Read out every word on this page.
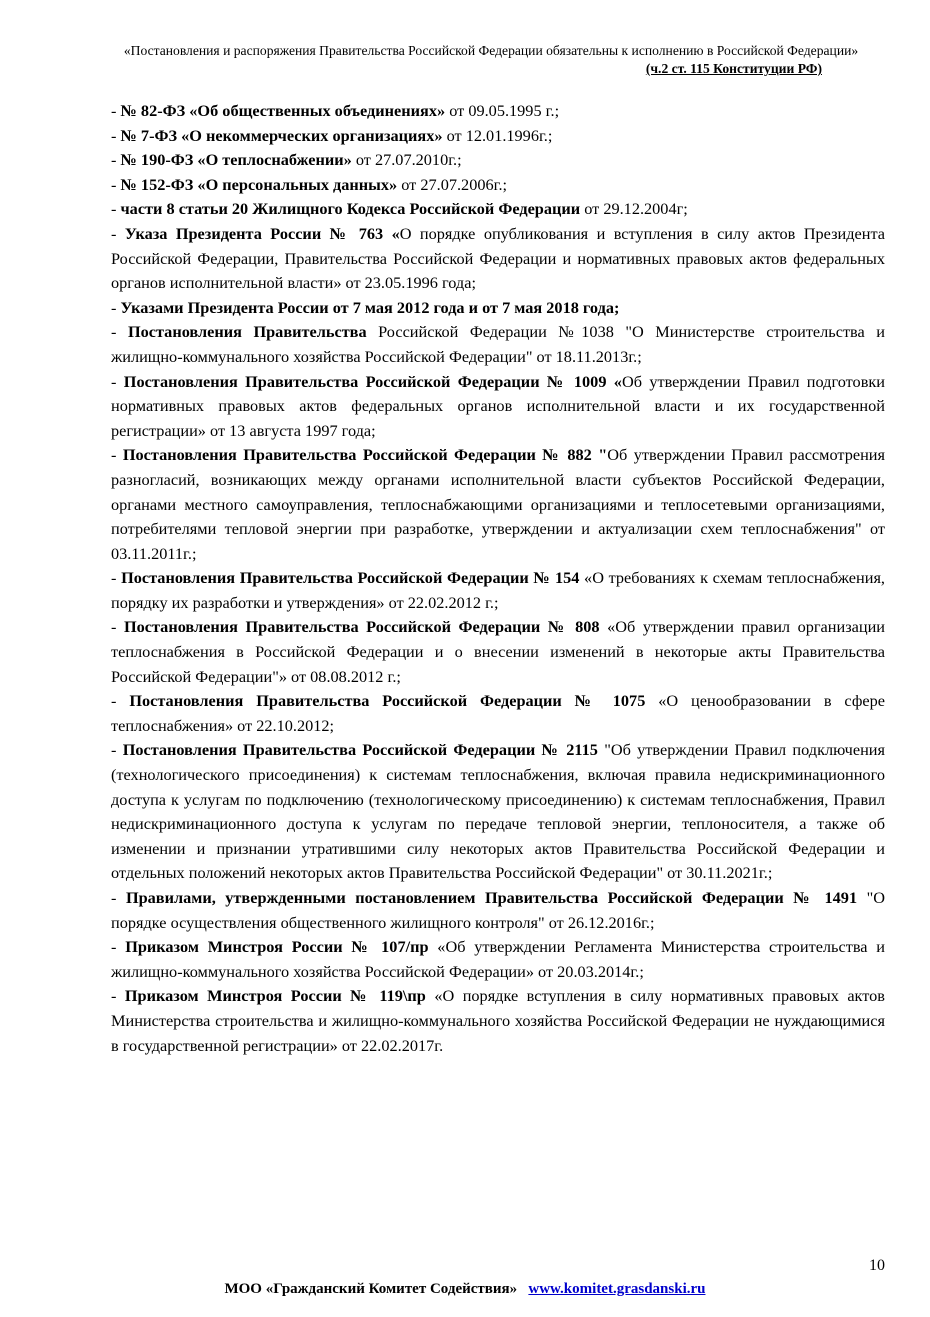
«Постановления и распоряжения Правительства Российской Федерации обязательны к исполнению в Российской Федерации»
(ч.2 ст. 115 Конституции РФ)

- № 82-ФЗ «Об общественных объединениях» от 09.05.1995 г.;

- № 7-ФЗ «О некоммерческих организациях» от 12.01.1996г.;

- № 190-ФЗ «О теплоснабжении» от 27.07.2010г.;

- № 152-ФЗ «О персональных данных» от 27.07.2006г.;

- части 8 статьи 20 Жилищного Кодекса Российской Федерации от 29.12.2004г;

- Указа Президента России № 763 «О порядке опубликования и вступления в силу актов Президента Российской Федерации, Правительства Российской Федерации и нормативных правовых актов федеральных органов исполнительной власти» от 23.05.1996 года;

- Указами Президента России от 7 мая 2012 года и от 7 мая 2018 года;

- Постановления Правительства Российской Федерации №1038 "О Министерстве строительства и жилищно-коммунального хозяйства Российской Федерации" от 18.11.2013г.;

- Постановления Правительства Российской Федерации № 1009 «Об утверждении Правил подготовки нормативных правовых актов федеральных органов исполнительной власти и их государственной регистрации» от 13 августа 1997 года;

- Постановления Правительства Российской Федерации № 882 "Об утверждении Правил рассмотрения разногласий, возникающих между органами исполнительной власти субъектов Российской Федерации, органами местного самоуправления, теплоснабжающими организациями и теплосетевыми организациями, потребителями тепловой энергии при разработке, утверждении и актуализации схем теплоснабжения" от 03.11.2011г.;

- Постановления Правительства Российской Федерации № 154 «О требованиях к схемам теплоснабжения, порядку их разработки и утверждения» от 22.02.2012 г.;

- Постановления Правительства Российской Федерации № 808 «Об утверждении правил организации теплоснабжения в Российской Федерации и о внесении изменений в некоторые акты Правительства Российской Федерации"» от 08.08.2012 г.;

- Постановления Правительства Российской Федерации № 1075 «О ценообразовании в сфере теплоснабжения» от 22.10.2012;

- Постановления Правительства Российской Федерации № 2115 "Об утверждении Правил подключения (технологического присоединения) к системам теплоснабжения, включая правила недискриминационного доступа к услугам по подключению (технологическому присоединению) к системам теплоснабжения, Правил недискриминационного доступа к услугам по передаче тепловой энергии, теплоносителя, а также об изменении и признании утратившими силу некоторых актов Правительства Российской Федерации и отдельных положений некоторых актов Правительства Российской Федерации" от 30.11.2021г.;

- Правилами, утвержденными постановлением Правительства Российской Федерации № 1491 "О порядке осуществления общественного жилищного контроля" от 26.12.2016г.;

- Приказом Минстроя России № 107/пр «Об утверждении Регламента Министерства строительства и жилищно-коммунального хозяйства Российской Федерации» от 20.03.2014г.;

- Приказом Минстроя России № 119\пр «О порядке вступления в силу нормативных правовых актов Министерства строительства и жилищно-коммунального хозяйства Российской Федерации не нуждающимися в государственной регистрации» от 22.02.2017г.

10
МОО «Гражданский Комитет Содействия» www.komitet.grasdanski.ru
